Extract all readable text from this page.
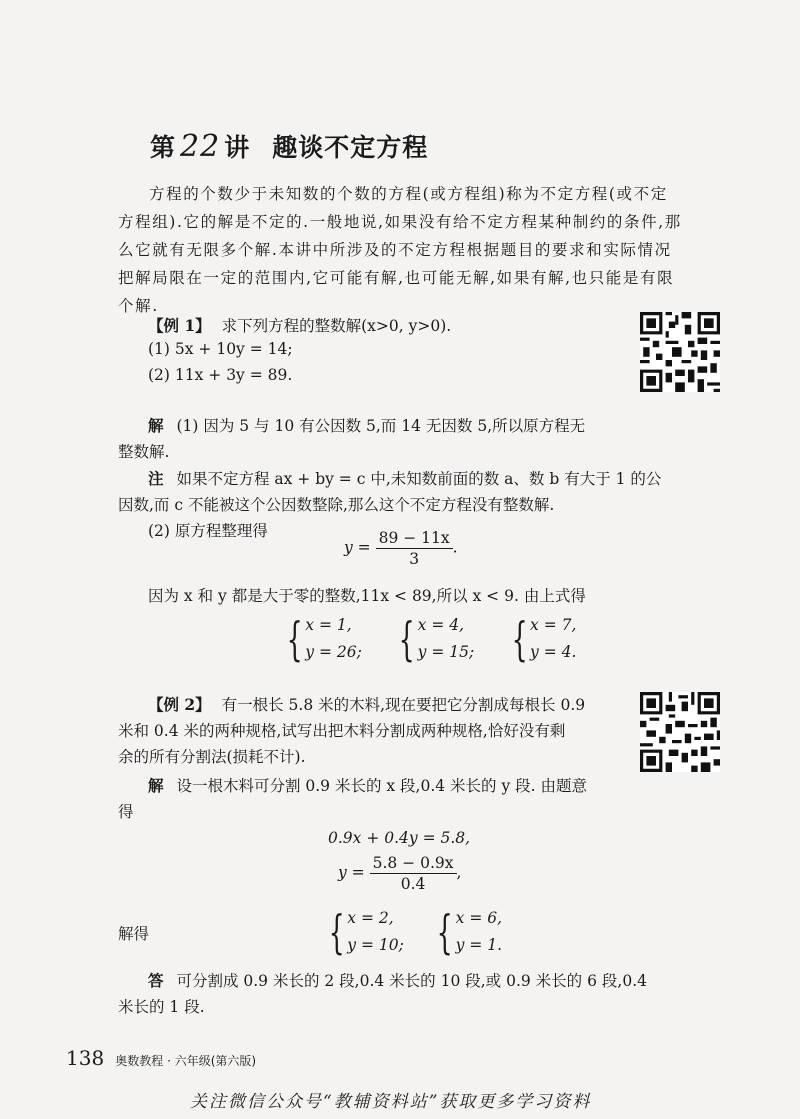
第 22 讲 趣谈不定方程
方程的个数少于未知数的个数的方程(或方程组)称为不定方程(或不定方程组).它的解是不定的.一般地说,如果没有给不定方程某种制约的条件,那么它就有无限多个解.本讲中所涉及的不定方程根据题目的要求和实际情况把解局限在一定的范围内,它可能有解,也可能无解,如果有解,也只能是有限个解.
【例 1】 求下列方程的整数解(x>0, y>0).
(1) 5x + 10y = 14;
(2) 11x + 3y = 89.
解 (1) 因为 5 与 10 有公因数 5,而 14 无因数 5,所以原方程无
整数解.
注 如果不定方程 ax + by = c 中,未知数前面的数 a、数 b 有大于 1 的公
因数,而 c 不能被这个公因数整除,那么这个不定方程没有整数解.
(2) 原方程整理得
$y = \frac{89 - 11x}{3}$ .
因为 x 和 y 都是大于零的整数,11x < 89,所以 x < 9. 由上式得
{ x = 1,
y = 26; { x = 4,
y = 15; { x = 7,
y = 4.
【例 2】 有一根长 5.8 米的木料,现在要把它分割成每根长 0.9
米和 0.4 米的两种规格,试写出把木料分割成两种规格,恰好没有剩
余的所有分割法(损耗不计).
解 设一根木料可分割 0.9 米长的 x 段,0.4 米长的 y 段. 由题意
得
0.9x + 0.4y = 5.8,
$y = \frac{5.8 - 0.9x}{0.4}$ ,
解得	{ x = 2,
y = 10; { x = 6,
y = 1.
答 可分割成 0.9 米长的 2 段,0.4 米长的 10 段,或 0.9 米长的 6 段,0.4
米长的 1 段.
138 奥数教程 · 六年级(第六版)
关注微信公众号“教辅资料站”获取更多学习资料
